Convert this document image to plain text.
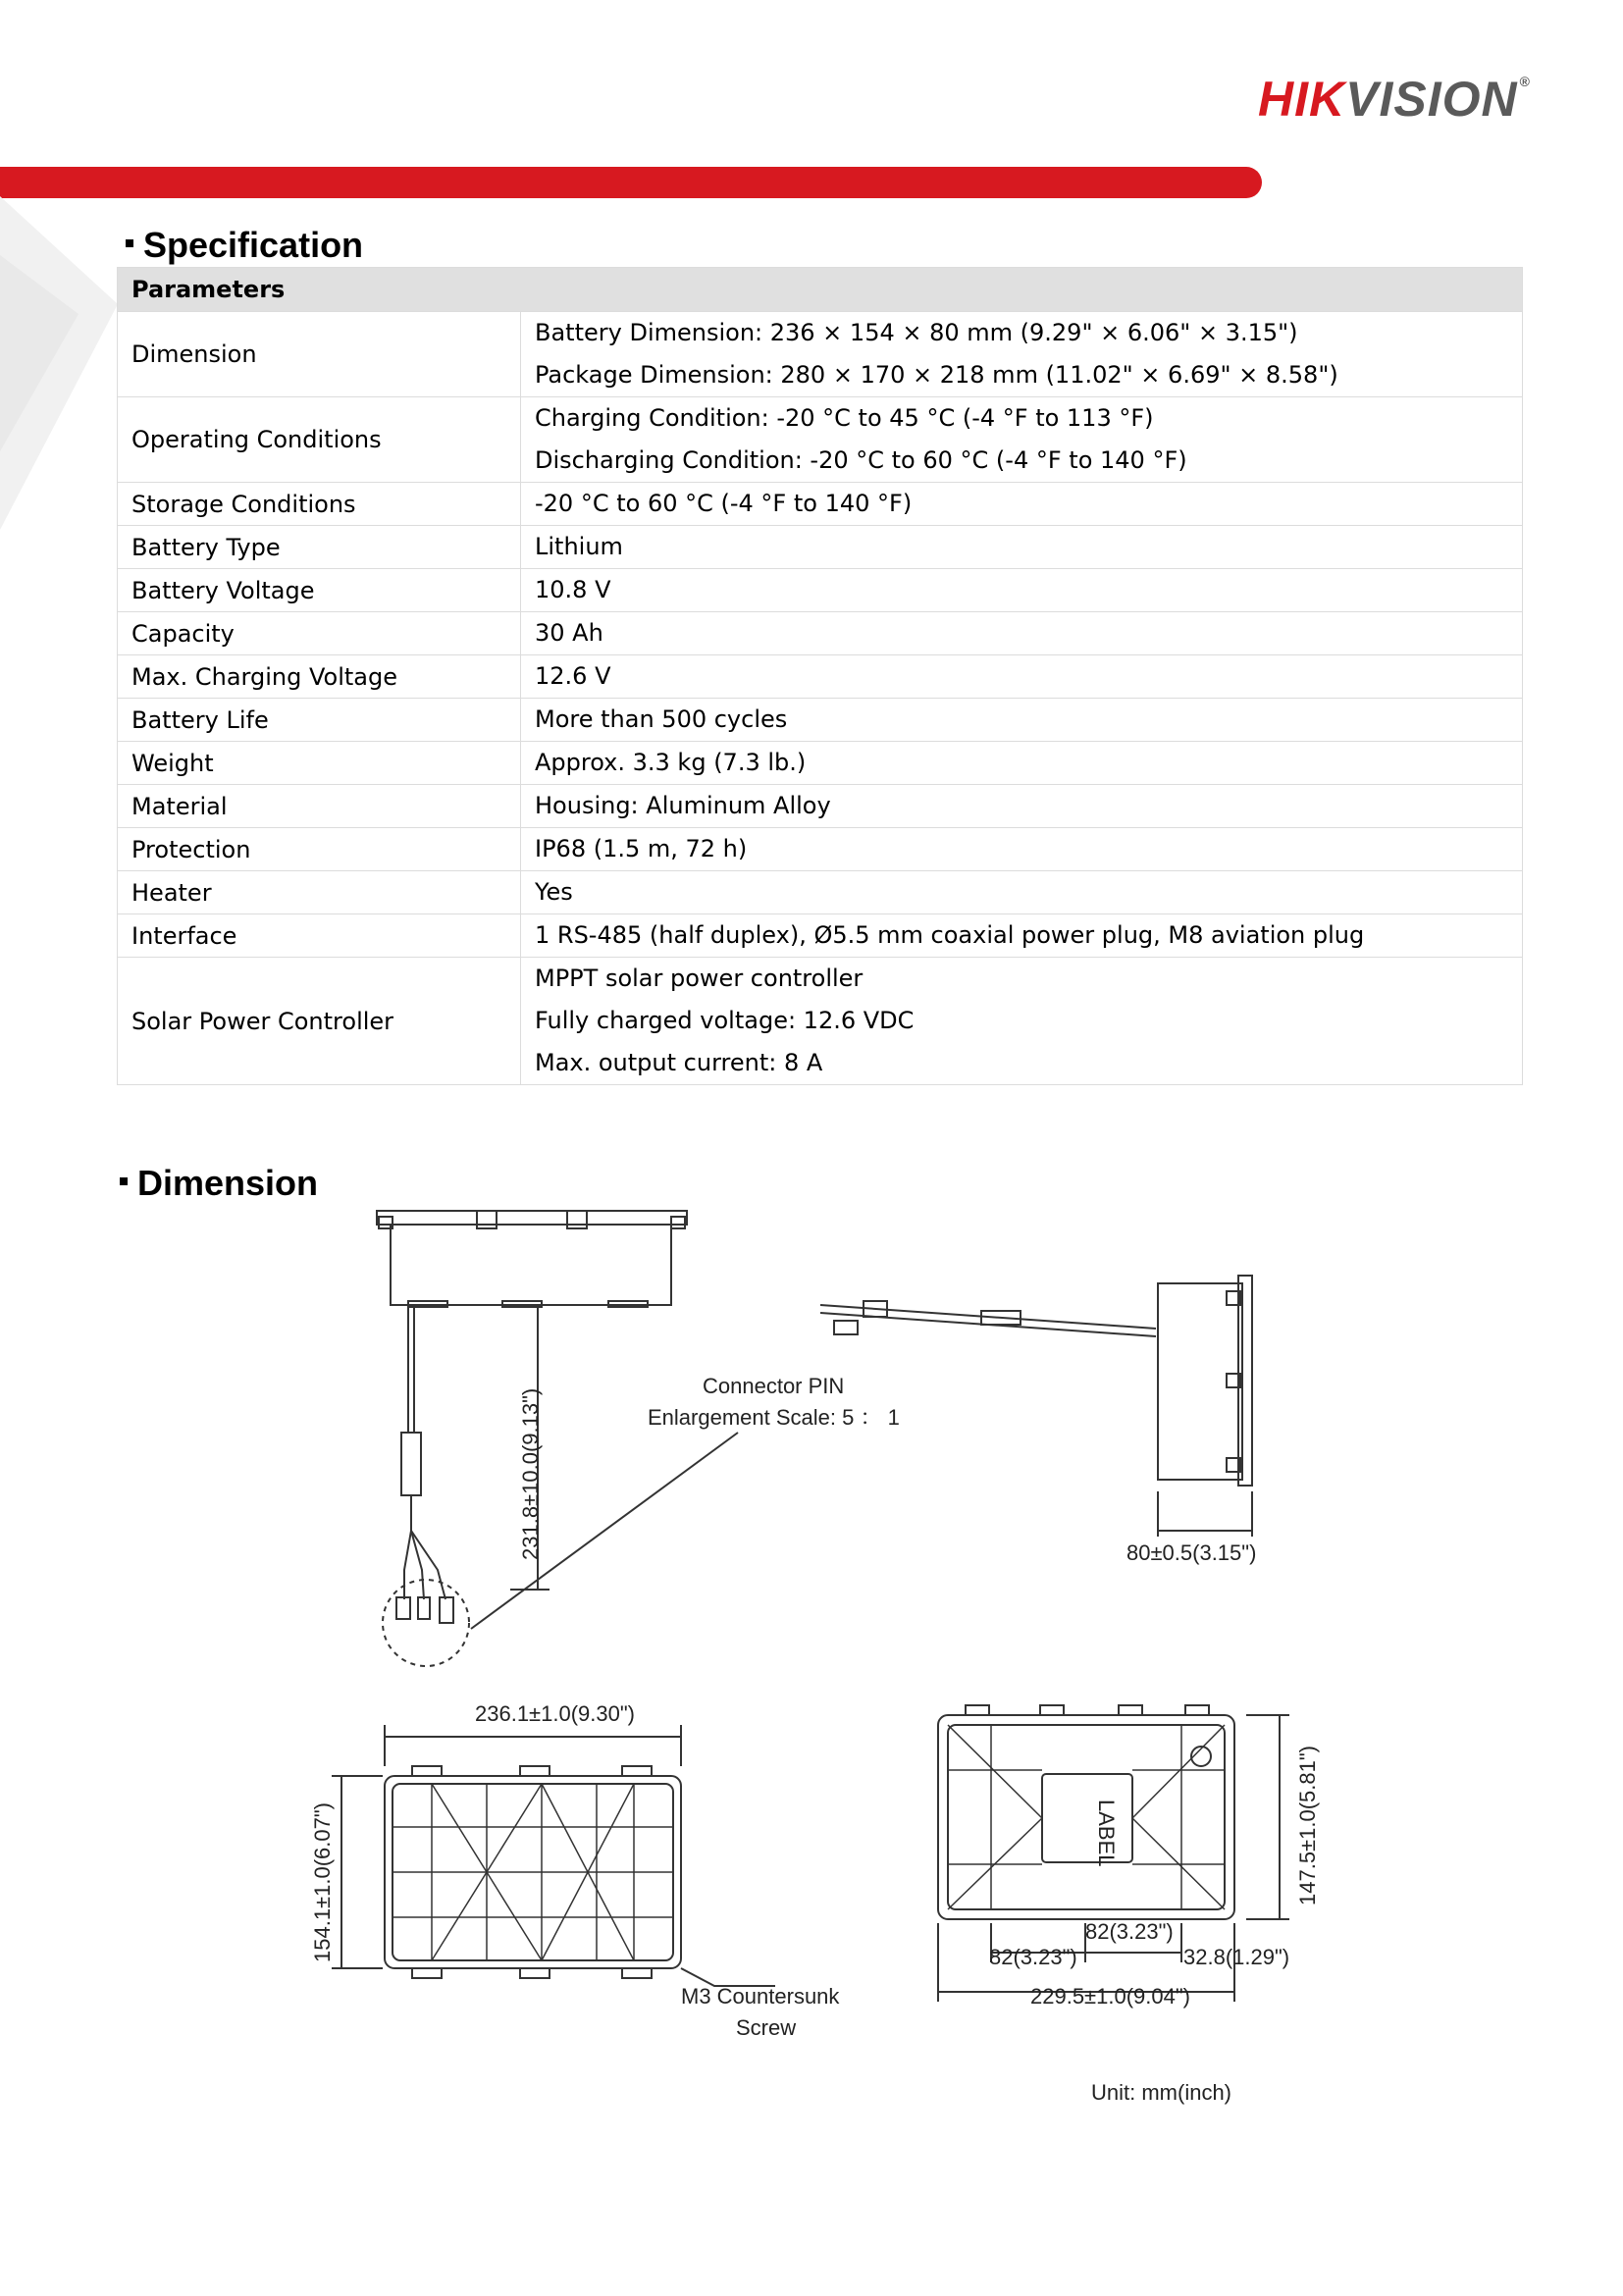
HIKVISION ®
Specification
Parameters	
Dimension	Battery Dimension: 236 × 154 × 80 mm (9.29" × 6.06" × 3.15")
Package Dimension: 280 × 170 × 218 mm (11.02" × 6.69" × 8.58")

Operating Conditions	Charging Condition: -20 °C to 45 °C (-4 °F to 113 °F)
Discharging Condition: -20 °C to 60 °C (-4 °F to 140 °F)

Storage Conditions	-20 °C to 60 °C (-4 °F to 140 °F)

Battery Type	Lithium

Battery Voltage	10.8 V

Capacity	30 Ah

Max. Charging Voltage	12.6 V

Battery Life	More than 500 cycles

Weight	Approx. 3.3 kg (7.3 lb.)

Material	Housing: Aluminum Alloy

Protection	IP68 (1.5 m, 72 h)

Heater	Yes

Interface	1 RS-485 (half duplex), Ø5.5 mm coaxial power plug, M8 aviation plug

Solar Power Controller	MPPT solar power controller
Fully charged voltage: 12.6 VDC
Max. output current: 8 A
Dimension
Connector PIN
Enlargement Scale: 5 ： 1
231.8±10.0(9.13")	80±0.5(3.15")
236.1±1.0(9.30")
154.1±1.0(6.07")
M3 Countersunk
Screw
LABEL	147.5±1.0(5.81")
82(3.23")
82(3.23")	32.8(1.29")
229.5±1.0(9.04")
Unit: mm(inch)
